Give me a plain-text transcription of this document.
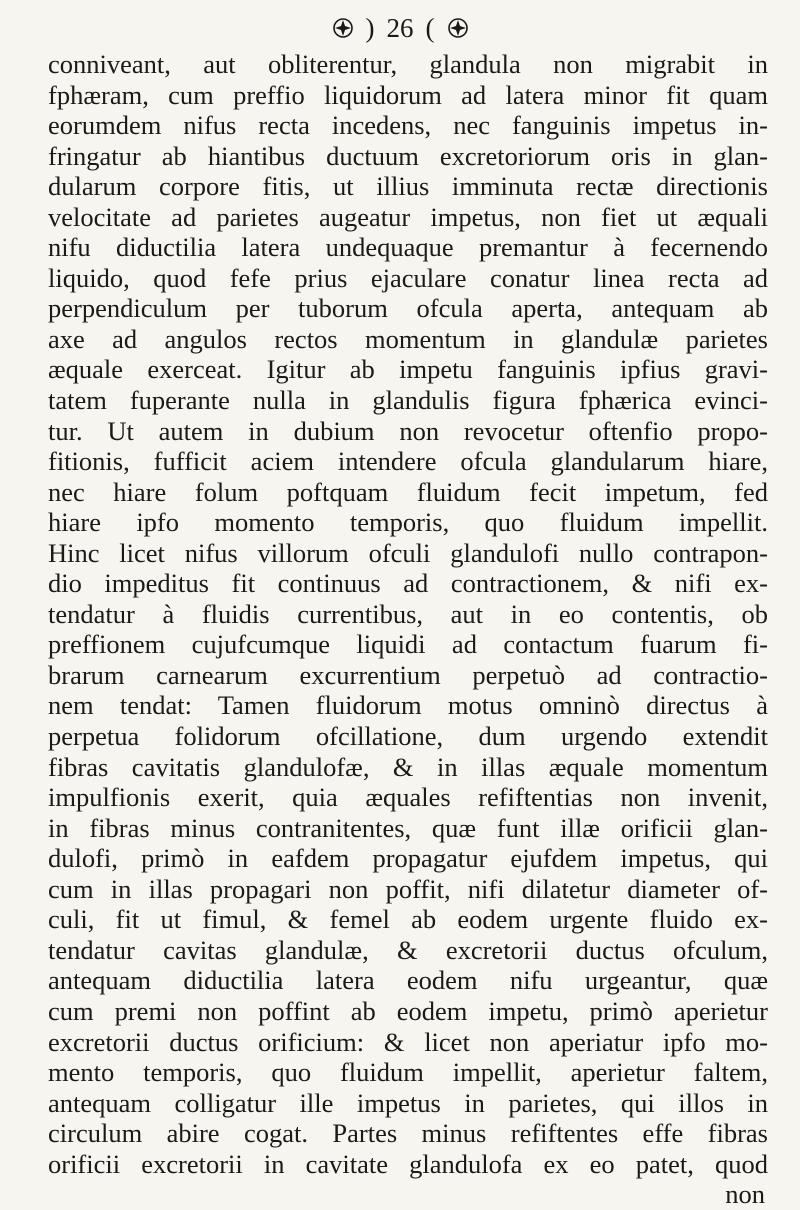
) 26 (
conniveant, aut obliterentur, glandula non migrabit in
fphæram, cum preffio liquidorum ad latera minor fit quam
eorumdem nifus recta incedens, nec fanguinis impetus in-
fringatur ab hiantibus ductuum excretoriorum oris in glan-
dularum corpore fitis, ut illius imminuta rectæ directionis
velocitate ad parietes augeatur impetus, non fiet ut æquali
nifu diductilia latera undequaque premantur à fecernendo
liquido, quod fefe prius ejaculare conatur linea recta ad
perpendiculum per tuborum ofcula aperta, antequam ab
axe ad angulos rectos momentum in glandulæ parietes
æquale exerceat. Igitur ab impetu fanguinis ipfius gravi-
tatem fuperante nulla in glandulis figura fphærica evinci-
tur. Ut autem in dubium non revocetur oftenfio propo-
fitionis, fufficit aciem intendere ofcula glandularum hiare,
nec hiare folum poftquam fluidum fecit impetum, fed
hiare ipfo momento temporis, quo fluidum impellit.
Hinc licet nifus villorum ofculi glandulofi nullo contrapon-
dio impeditus fit continuus ad contractionem, & nifi ex-
tendatur à fluidis currentibus, aut in eo contentis, ob
preffionem cujufcumque liquidi ad contactum fuarum fi-
brarum carnearum excurrentium perpetuò ad contractio-
nem tendat: Tamen fluidorum motus omninò directus à
perpetua folidorum ofcillatione, dum urgendo extendit
fibras cavitatis glandulofæ, & in illas æquale momentum
impulfionis exerit, quia æquales refiftentias non invenit,
in fibras minus contranitentes, quæ funt illæ orificii glan-
dulofi, primò in eafdem propagatur ejufdem impetus, qui
cum in illas propagari non poffit, nifi dilatetur diameter of-
culi, fit ut fimul, & femel ab eodem urgente fluido ex-
tendatur cavitas glandulæ, & excretorii ductus ofculum,
antequam diductilia latera eodem nifu urgeantur, quæ
cum premi non poffint ab eodem impetu, primò aperietur
excretorii ductus orificium: & licet non aperiatur ipfo mo-
mento temporis, quo fluidum impellit, aperietur faltem,
antequam colligatur ille impetus in parietes, qui illos in
circulum abire cogat. Partes minus refiftentes effe fibras
orificii excretorii in cavitate glandulofa ex eo patet, quod
non
